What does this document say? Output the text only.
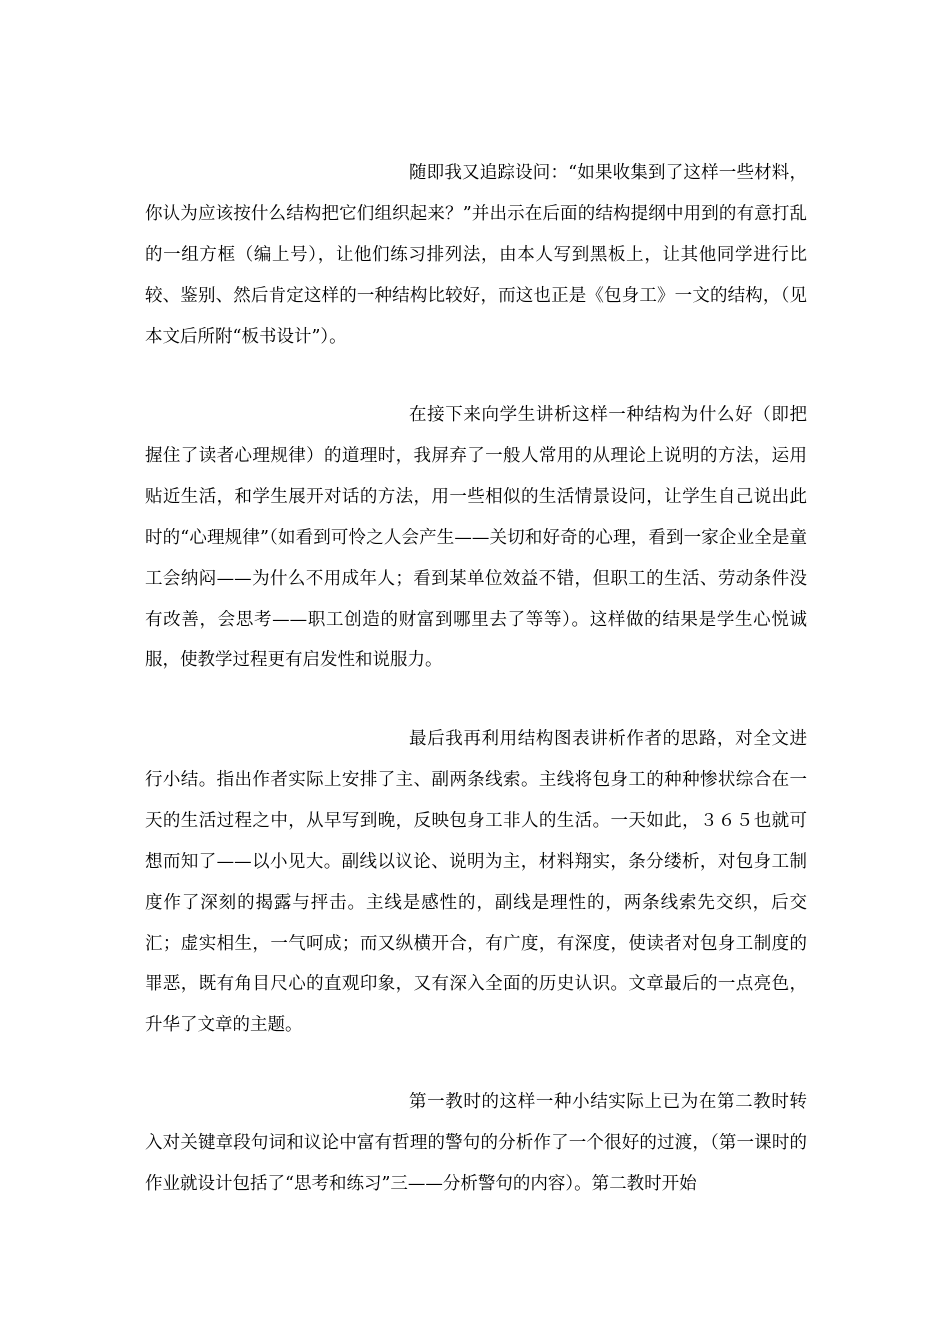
随即我又追踪设问：“如果收集到了这样一些材料，你认为应该按什么结构把它们组织起来？”并出示在后面的结构提纲中用到的有意打乱的一组方框（编上号），让他们练习排列法，由本人写到黑板上，让其他同学进行比较、鉴别、然后肯定这样的一种结构比较好，而这也正是《包身工》一文的结构，（见本文后所附“板书设计”）。

在接下来向学生讲析这样一种结构为什么好（即把握住了读者心理规律）的道理时，我屏弃了一般人常用的从理论上说明的方法，运用贴近生活，和学生展开对话的方法，用一些相似的生活情景设问，让学生自己说出此时的“心理规律”（如看到可怜之人会产生——关切和好奇的心理，看到一家企业全是童工会纳闷——为什么不用成年人；看到某单位效益不错，但职工的生活、劳动条件没有改善，会思考——职工创造的财富到哪里去了等等）。这样做的结果是学生心悦诚服，使教学过程更有启发性和说服力。

最后我再利用结构图表讲析作者的思路，对全文进行小结。指出作者实际上安排了主、副两条线索。主线将包身工的种种惨状综合在一天的生活过程之中，从早写到晚，反映包身工非人的生活。一天如此，３６５也就可想而知了——以小见大。副线以议论、说明为主，材料翔实，条分缕析，对包身工制度作了深刻的揭露与抨击。主线是感性的，副线是理性的，两条线索先交织，后交汇；虚实相生，一气呵成；而又纵横开合，有广度，有深度，使读者对包身工制度的罪恶，既有角目尺心的直观印象，又有深入全面的历史认识。文章最后的一点亮色，升华了文章的主题。

第一教时的这样一种小结实际上已为在第二教时转入对关键章段句词和议论中富有哲理的警句的分析作了一个很好的过渡，（第一课时的作业就设计包括了“思考和练习”三——分析警句的内容）。第二教时开始
